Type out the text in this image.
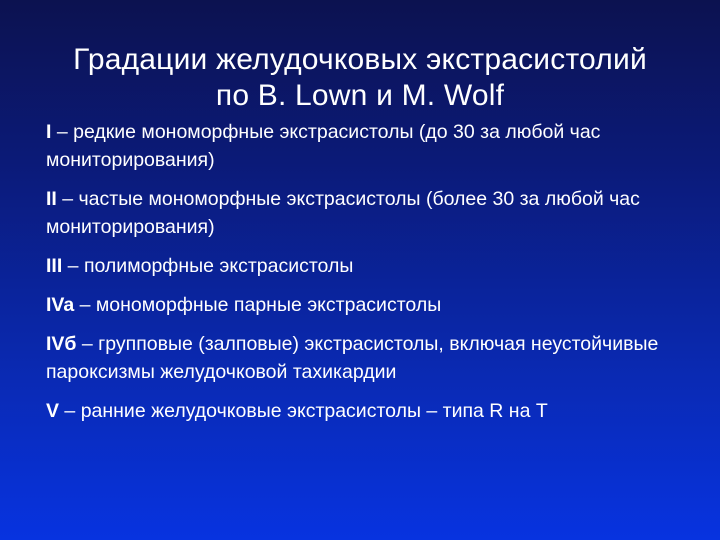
Градации желудочковых экстрасистолий
по B. Lown и M. Wolf
I – редкие мономорфные экстрасистолы (до 30 за любой час мониторирования)
II – частые мономорфные экстрасистолы (более 30 за любой час мониторирования)
III – полиморфные экстрасистолы
IVa – мономорфные парные экстрасистолы
IVб – групповые (залповые) экстрасистолы, включая неустойчивые пароксизмы желудочковой тахикардии
V – ранние желудочковые экстрасистолы – типа R на T
